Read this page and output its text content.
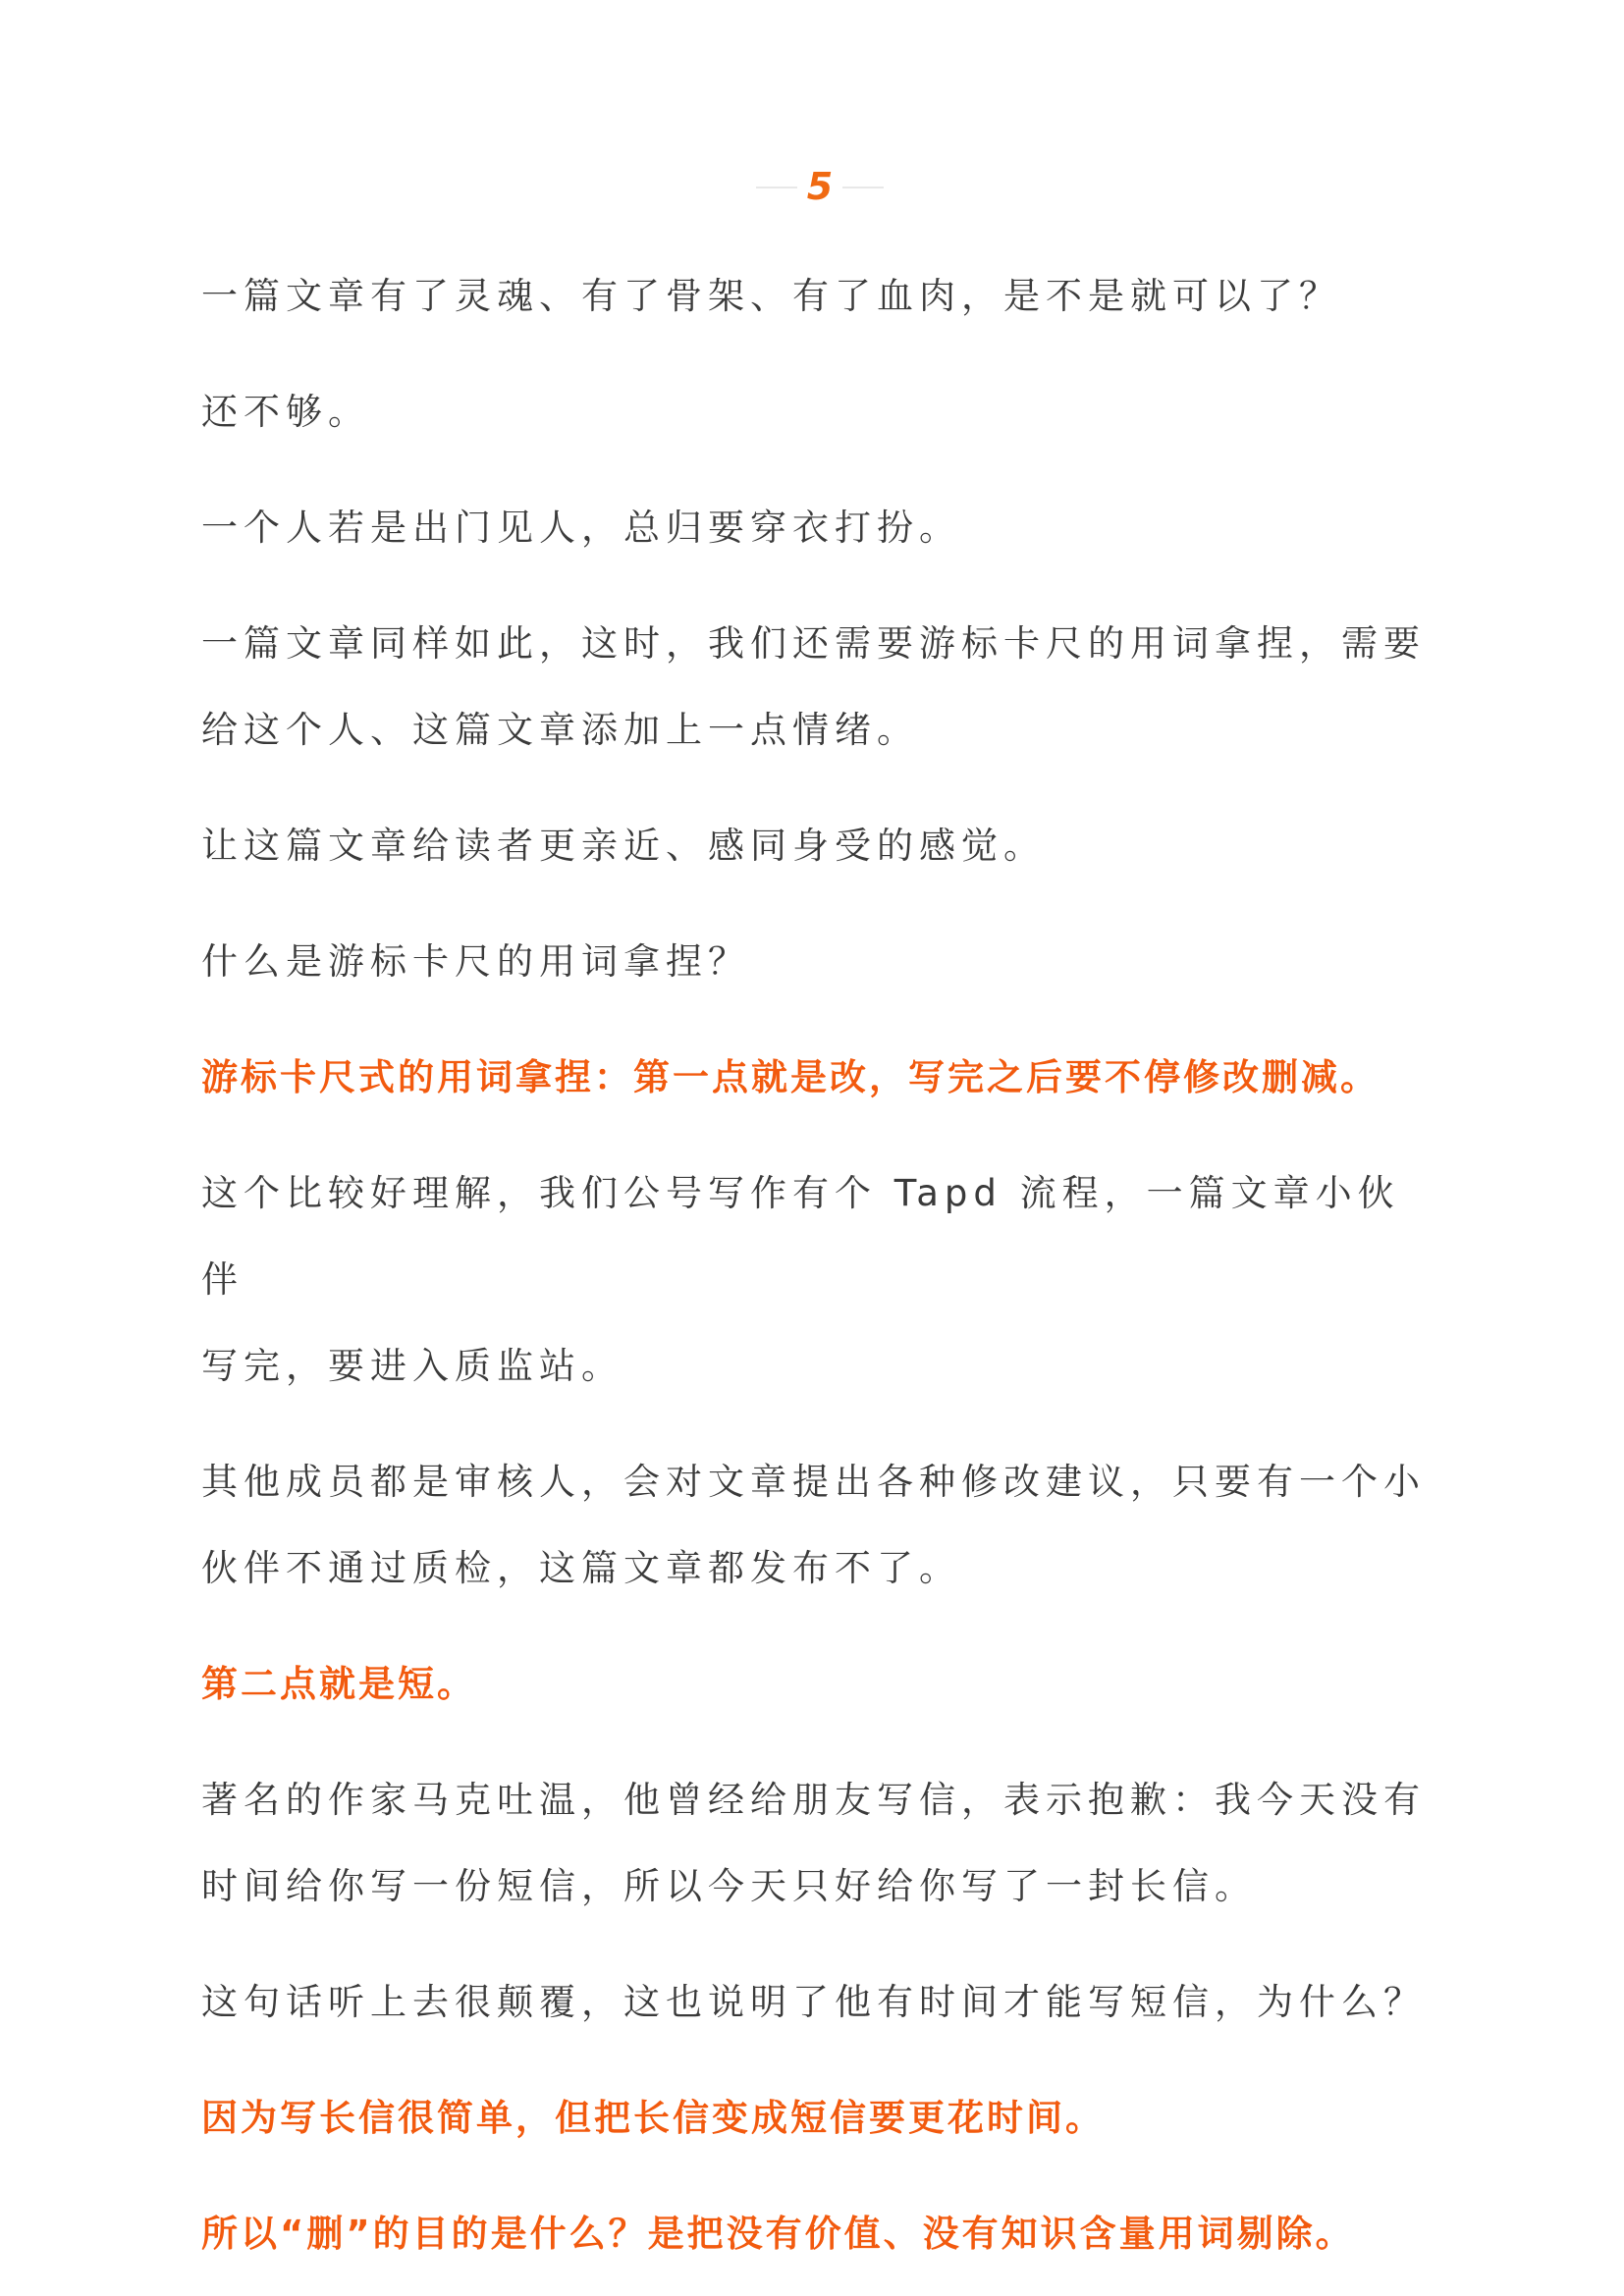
5

一篇文章有了灵魂、有了骨架、有了血肉，是不是就可以了？

还不够。

一个人若是出门见人，总归要穿衣打扮。

一篇文章同样如此，这时，我们还需要游标卡尺的用词拿捏，需要

给这个人、这篇文章添加上一点情绪。

让这篇文章给读者更亲近、感同身受的感觉。

什么是游标卡尺的用词拿捏？

游标卡尺式的用词拿捏：第一点就是改，写完之后要不停修改删减。

这个比较好理解，我们公号写作有个 Tapd 流程，一篇文章小伙伴

写完，要进入质监站。

其他成员都是审核人，会对文章提出各种修改建议，只要有一个小

伙伴不通过质检，这篇文章都发布不了。

第二点就是短。

著名的作家马克吐温，他曾经给朋友写信，表示抱歉：我今天没有

时间给你写一份短信，所以今天只好给你写了一封长信。

这句话听上去很颠覆，这也说明了他有时间才能写短信，为什么？

因为写长信很简单，但把长信变成短信要更花时间。

所以“删”的目的是什么？是把没有价值、没有知识含量用词剔除。
